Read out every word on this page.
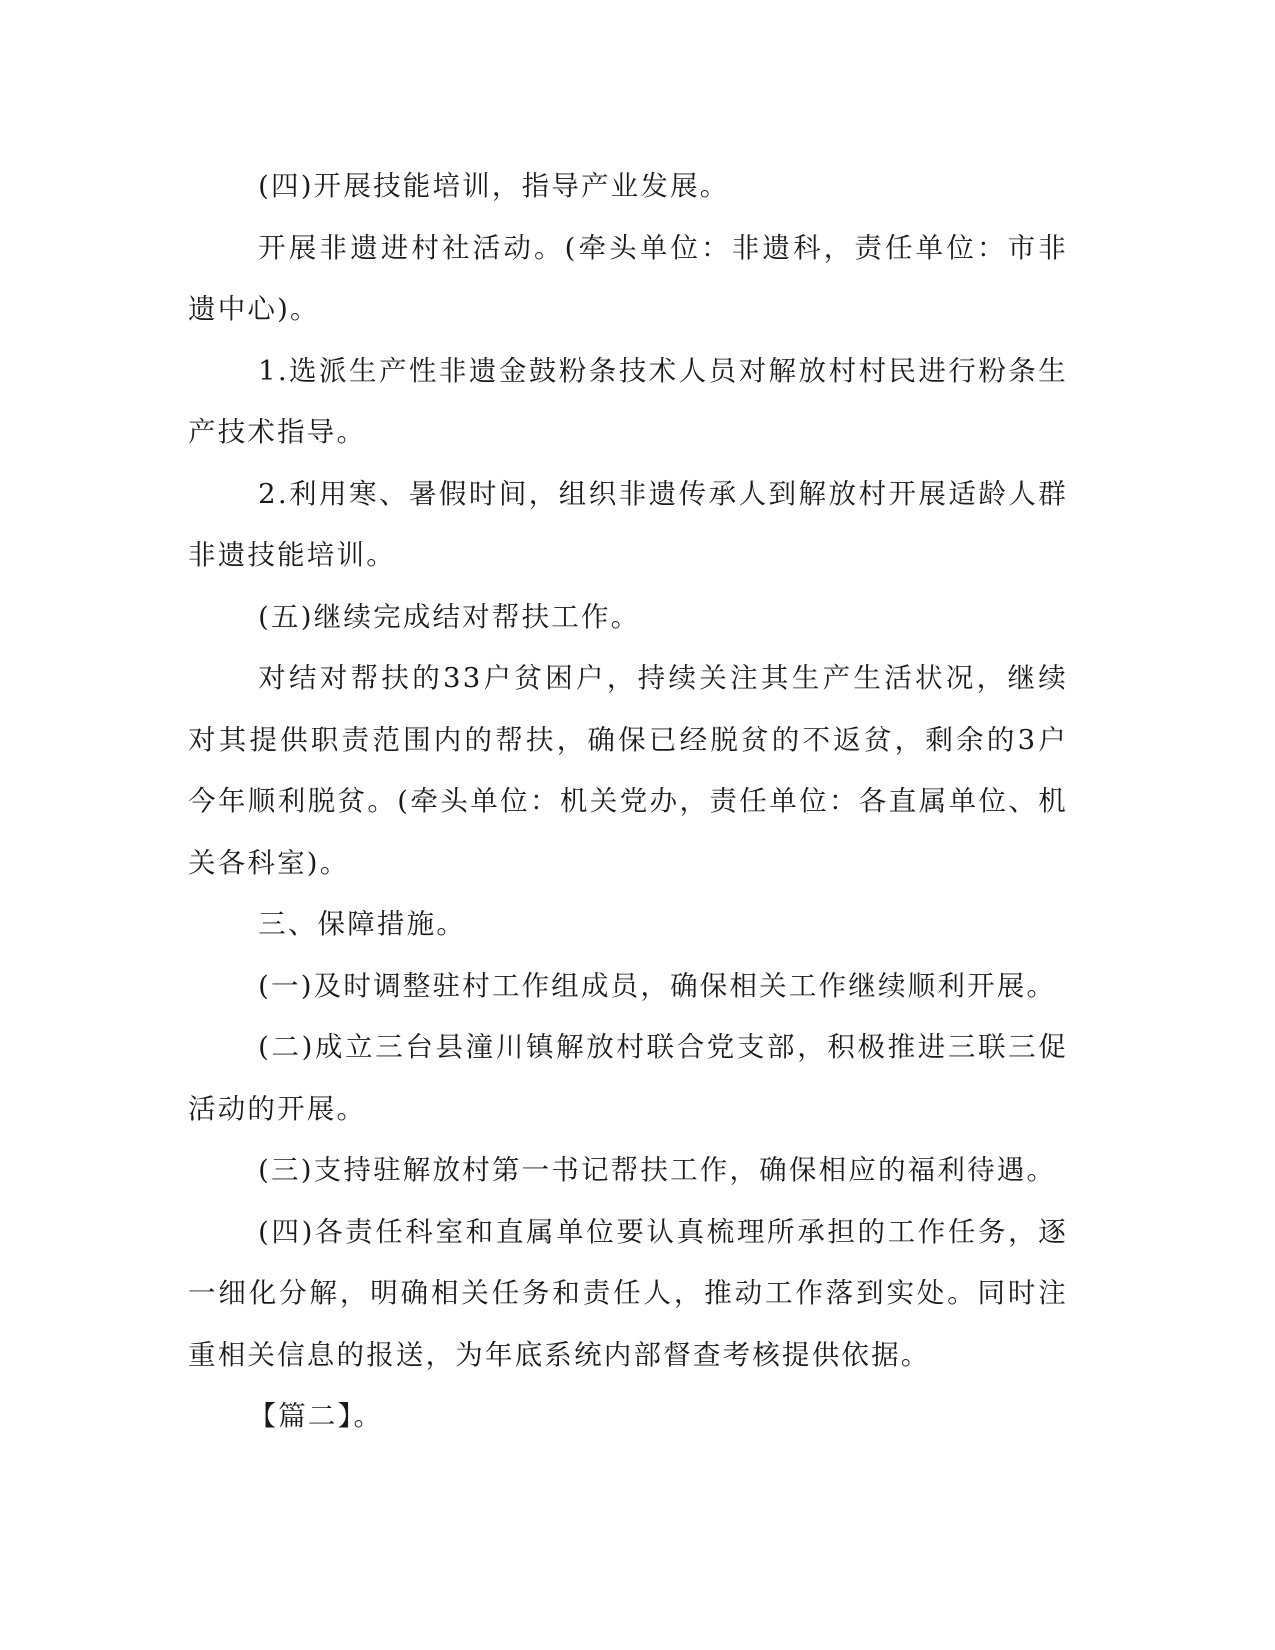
(四)开展技能培训，指导产业发展。

开展非遗进村社活动。(牵头单位：非遗科，责任单位：市非遗中心)。

1.选派生产性非遗金鼓粉条技术人员对解放村村民进行粉条生产技术指导。

2.利用寒、暑假时间，组织非遗传承人到解放村开展适龄人群非遗技能培训。

(五)继续完成结对帮扶工作。

对结对帮扶的33户贫困户，持续关注其生产生活状况，继续对其提供职责范围内的帮扶，确保已经脱贫的不返贫，剩余的3户今年顺利脱贫。(牵头单位：机关党办，责任单位：各直属单位、机关各科室)。

三、保障措施。

(一)及时调整驻村工作组成员，确保相关工作继续顺利开展。

(二)成立三台县潼川镇解放村联合党支部，积极推进三联三促活动的开展。

(三)支持驻解放村第一书记帮扶工作，确保相应的福利待遇。

(四)各责任科室和直属单位要认真梳理所承担的工作任务，逐一细化分解，明确相关任务和责任人，推动工作落到实处。同时注重相关信息的报送，为年底系统内部督查考核提供依据。

【篇二】。
